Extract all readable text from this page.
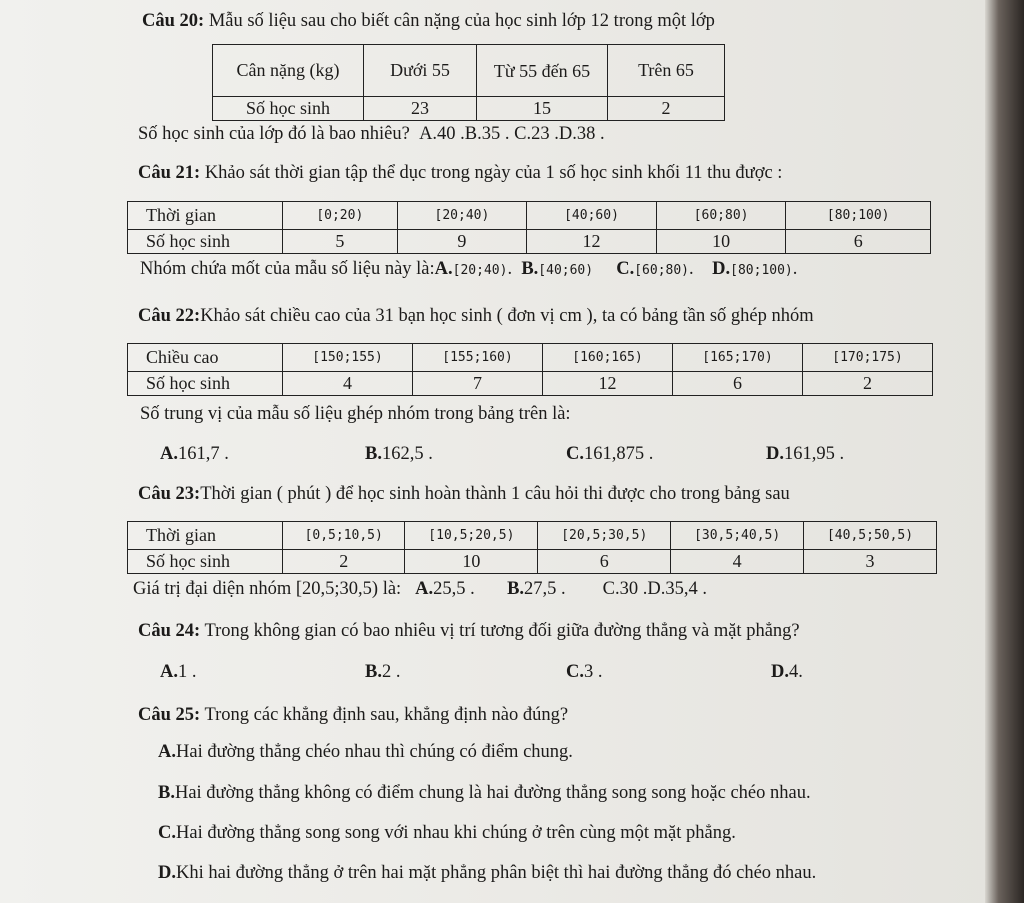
Câu 20: Mẫu số liệu sau cho biết cân nặng của học sinh lớp 12 trong một lớp
Cân nặng (kg)	Dưới 55	Từ 55 đến 65	Trên 65
Số học sinh	23	15	2
Số học sinh của lớp đó là bao nhiêu? A.40 .B.35 . C.23 .D.38 .
Câu 21: Khảo sát thời gian tập thể dục trong ngày của 1 số học sinh khối 11 thu được :
Thời gian	[0;20)	[20;40)	[40;60)	[60;80)	[80;100)
Số học sinh	5	9	12	10	6
Nhóm chứa mốt của mẫu số liệu này là:A.[20;40). B.[40;60) C.[60;80). D.[80;100).
Câu 22:Khảo sát chiều cao của 31 bạn học sinh ( đơn vị cm ), ta có bảng tần số ghép nhóm
Chiều cao	[150;155)	[155;160)	[160;165)	[165;170)	[170;175)
Số học sinh	4	7	12	6	2
Số trung vị của mẫu số liệu ghép nhóm trong bảng trên là:
A.161,7 .	B.162,5 .	C.161,875 .	D.161,95 .
Câu 23:Thời gian ( phút ) để học sinh hoàn thành 1 câu hỏi thi được cho trong bảng sau
Thời gian	[0,5;10,5)	[10,5;20,5)	[20,5;30,5)	[30,5;40,5)	[40,5;50,5)
Số học sinh	2	10	6	4	3
Giá trị đại diện nhóm [20,5;30,5) là: A.25,5 . B.27,5 . C.30 .D.35,4 .
Câu 24: Trong không gian có bao nhiêu vị trí tương đối giữa đường thẳng và mặt phẳng?
A.1 .	B.2 .	C.3 .	D.4.
Câu 25: Trong các khẳng định sau, khẳng định nào đúng?
A.Hai đường thẳng chéo nhau thì chúng có điểm chung.
B.Hai đường thẳng không có điểm chung là hai đường thẳng song song hoặc chéo nhau.
C.Hai đường thẳng song song với nhau khi chúng ở trên cùng một mặt phẳng.
D.Khi hai đường thẳng ở trên hai mặt phẳng phân biệt thì hai đường thẳng đó chéo nhau.
